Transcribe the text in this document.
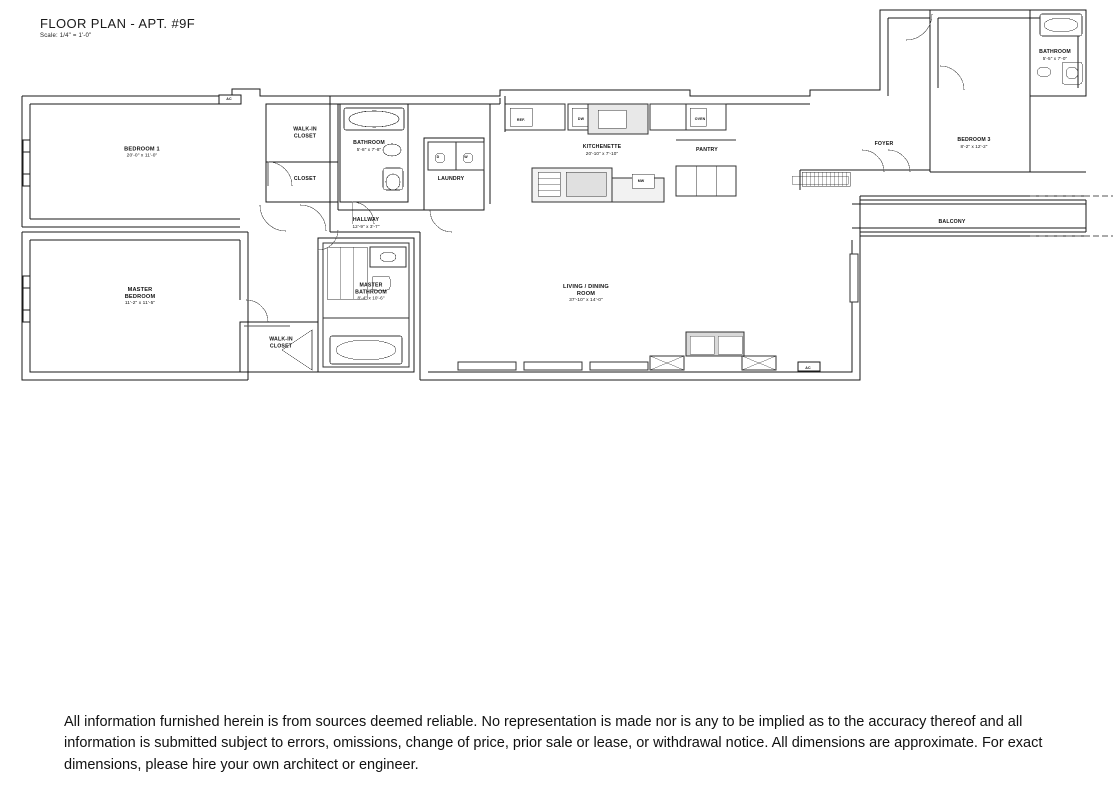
FLOOR PLAN - APT. #9F
Scale: 1/4" = 1'-0"
BEDROOM 1
20'-0" x 11'-0"
MASTER
BEDROOM
11'-2" x 11'-5"
WALK-IN
CLOSET
CLOSET
BATHROOM
5'-8" x 7'-8"
LAUNDRY
HALLWAY
12'-9" x 3'-7"
WALK-IN
CLOSET
MASTER
BATHROOM
8'-4" x 10'-6"
KITCHENETTE
20'-10" x 7'-10"
PANTRY
LIVING / DINING
ROOM
37'-10" x 14'-0"
FOYER
BEDROOM 3
8'-2" x 12'-2"
BATHROOM
5'-5" x 7'-0"
BALCONY
AC
AC
REF.	DW	OVEN
D	W
MW
All information furnished herein is from sources deemed reliable. No representation is made nor is any to be implied as to the accuracy thereof and all information is submitted subject to errors, omissions, change of price, prior sale or lease, or withdrawal notice. All dimensions are approximate. For exact dimensions, please hire your own architect or engineer.
